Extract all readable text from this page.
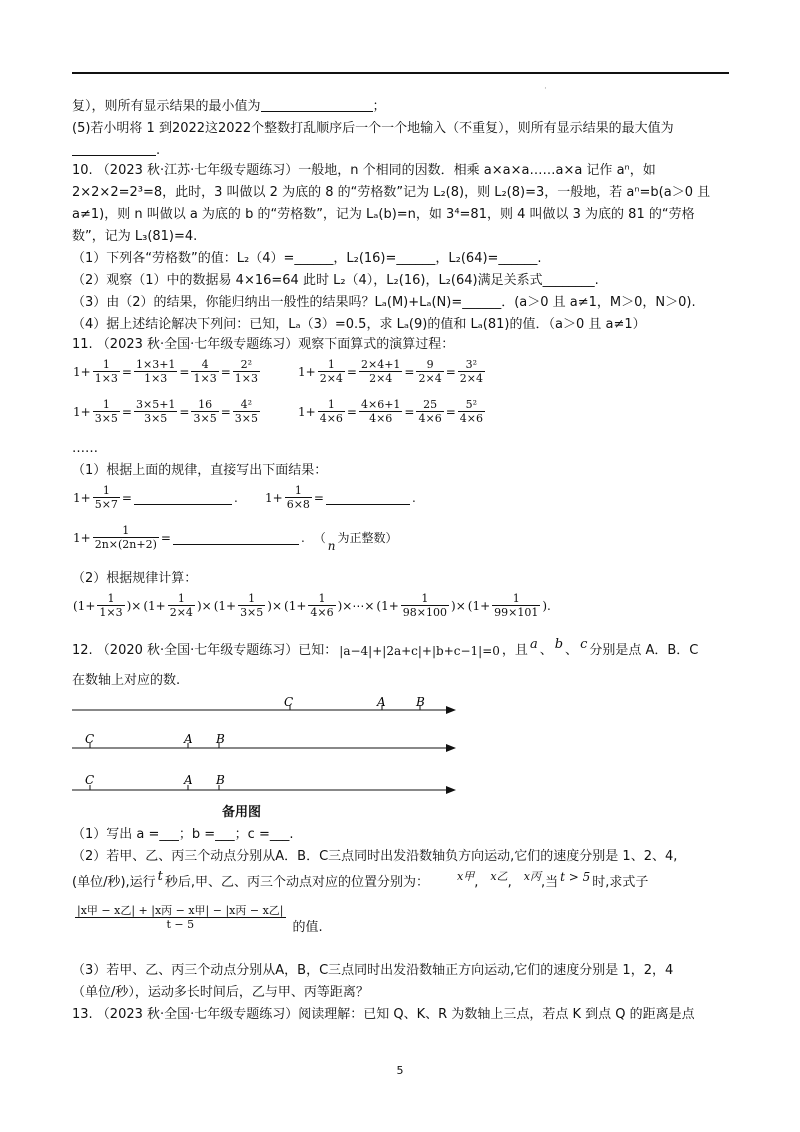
·
复），则所有显示结果的最小值为	；
(5)若小明将 1 到2022这2022个整数打乱顺序后一个一个地输入（不重复），则所有显示结果的最大值为
.
10. （2023 秋·江苏·七年级专题练习）一般地，n 个相同的因数．相乘 a×a×a……a×a 记作 aⁿ，如
2×2×2=2³=8，此时，3 叫做以 2 为底的 8 的“劳格数”记为 L₂(8)，则 L₂(8)=3，一般地，若 aⁿ=b(a＞0 且
a≠1)，则 n 叫做以 a 为底的 b 的“劳格数”，记为 Lₐ(b)=n，如 3⁴=81，则 4 叫做以 3 为底的 81 的“劳格
数”，记为 L₃(81)=4.
（1）下列各“劳格数”的值：L₂（4）=______，L₂(16)=______，L₂(64)=______.
（2）观察（1）中的数据易 4×16=64 此时 L₂（4），L₂(16)，L₂(64)满足关系式________.
（3）由（2）的结果，你能归纳出一般性的结果吗？Lₐ(M)+Lₐ(N)=______．(a＞0 且 a≠1，M＞0，N＞0).
（4）据上述结论解决下列问：已知，Lₐ（3）=0.5，求 Lₐ(9)的值和 Lₐ(81)的值．（a＞0 且 a≠1）
11. （2023 秋·全国·七年级专题练习）观察下面算式的演算过程：
$1+ \frac{1}{1\times 3} = \frac{1\times 3+1}{1\times 3} = \frac{4}{1\times 3} = \frac{\text{2²}}{1\times 3}$	$1+ \frac{1}{2\times 4} = \frac{2\times 4+1}{2\times 4} = \frac{9}{2\times 4} = \frac{\text{3²}}{2\times 4}$
$1+ \frac{1}{3\times 5} = \frac{3\times 5+1}{3\times 5} = \frac{16}{3\times 5} = \frac{\text{4²}}{3\times 5}$	$1+ \frac{1}{4\times 6} = \frac{4\times 6+1}{4\times 6} = \frac{25}{4\times 6} = \frac{\text{5²}}{4\times 6}$
……
（1）根据上面的规律，直接写出下面结果：
$1+ \frac{1}{5\times 7}$ =	. $1+ \frac{1}{6\times 8}$ =	.
$1+ \frac{1}{2n\times(2n+2)}$ =	. （
n
为正整数）
（2）根据规律计算：
($1+ \frac{1}{1\times 3}$ )× ($1+ \frac{1}{2\times 4}$ )× ($1+ \frac{1}{3\times 5}$ )× ($1+ \frac{1}{4\times 6}$ )×⋯× ($1+ \frac{1}{98\times 100}$ )× ($1+ \frac{1}{99\times 101}$ ).
12. （2020 秋·全国·七年级专题练习）已知： |a−4|+|2a+c|+|b+c−1|=0 ，且 a 、 b 、 c 分别是点 A．B．C
在数轴上对应的数.
C	A	B
C	A B
C	A B
备用图
（1）写出 a =___；b =___；c =___.
（2）若甲、乙、丙三个动点分别从A．B．C三点同时出发沿数轴负方向运动,它们的速度分别是 1、2、4,
(单位/秒),运行 t 秒后,甲、乙、丙三个动点对应的位置分别为：	x甲 , x乙 , x丙 , 当 t > 5 时,求式子
$\frac{\text{|x甲 − x乙| + |x丙 − x甲| − |x丙 − x乙|}}{t - 5}$ 的值.
（3）若甲、乙、丙三个动点分别从A，B，C三点同时出发沿数轴正方向运动,它们的速度分别是 1，2，4
（单位/秒），运动多长时间后，乙与甲、丙等距离？
13. （2023 秋·全国·七年级专题练习）阅读理解：已知 Q、K、R 为数轴上三点，若点 K 到点 Q 的距离是点
5
